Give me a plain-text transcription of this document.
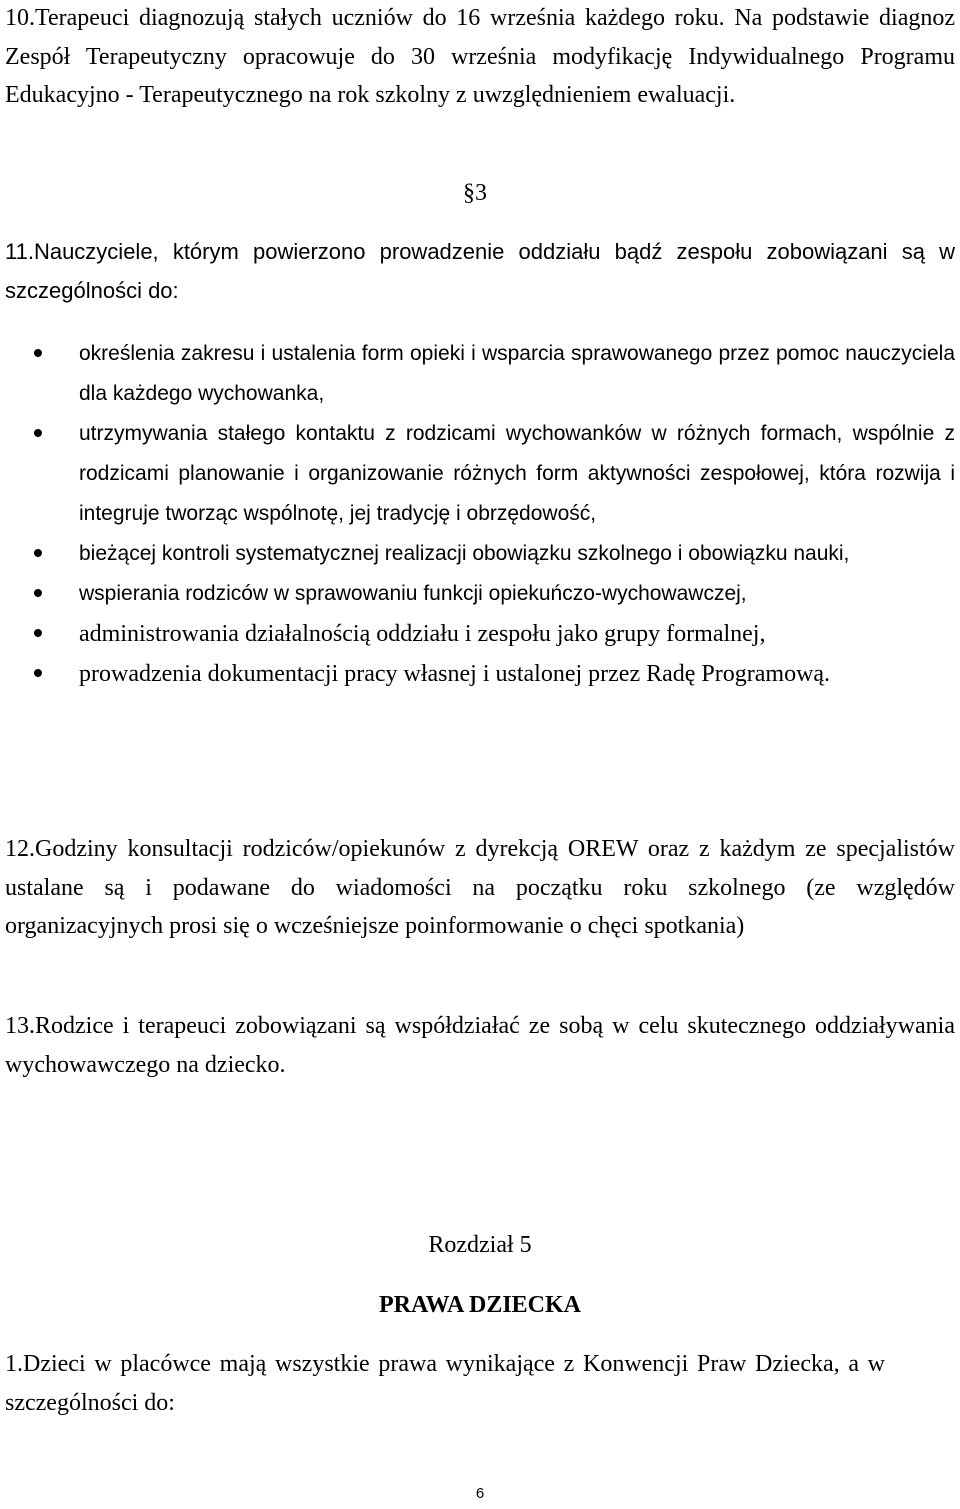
10.Terapeuci diagnozują stałych uczniów do 16 września każdego roku. Na podstawie diagnoz Zespół Terapeutyczny opracowuje do 30 września modyfikację Indywidualnego Programu Edukacyjno - Terapeutycznego na rok szkolny z uwzględnieniem ewaluacji.

§3

11.Nauczyciele, którym powierzono prowadzenie oddziału bądź zespołu zobowiązani są w szczególności do:

określenia zakresu i ustalenia form opieki i wsparcia sprawowanego przez pomoc nauczyciela dla każdego wychowanka,
utrzymywania stałego kontaktu z rodzicami wychowanków w różnych formach, wspólnie z rodzicami planowanie i organizowanie różnych form aktywności zespołowej, która rozwija i integruje tworząc wspólnotę, jej tradycję i obrzędowość,
bieżącej kontroli systematycznej realizacji obowiązku szkolnego i obowiązku nauki,
wspierania rodziców w sprawowaniu funkcji opiekuńczo-wychowawczej,
administrowania działalnością oddziału i zespołu jako grupy formalnej,
prowadzenia dokumentacji pracy własnej i ustalonej przez Radę Programową.

12.Godziny konsultacji rodziców/opiekunów z dyrekcją OREW oraz z każdym ze specjalistów ustalane są i podawane do wiadomości na początku roku szkolnego (ze względów organizacyjnych prosi się o wcześniejsze poinformowanie o chęci spotkania)

13.Rodzice i terapeuci zobowiązani są współdziałać ze sobą w celu skutecznego oddziaływania wychowawczego na dziecko.

Rozdział 5

PRAWA DZIECKA

1.Dzieci w placówce mają wszystkie prawa wynikające z Konwencji Praw Dziecka, a w szczególności do:

6
